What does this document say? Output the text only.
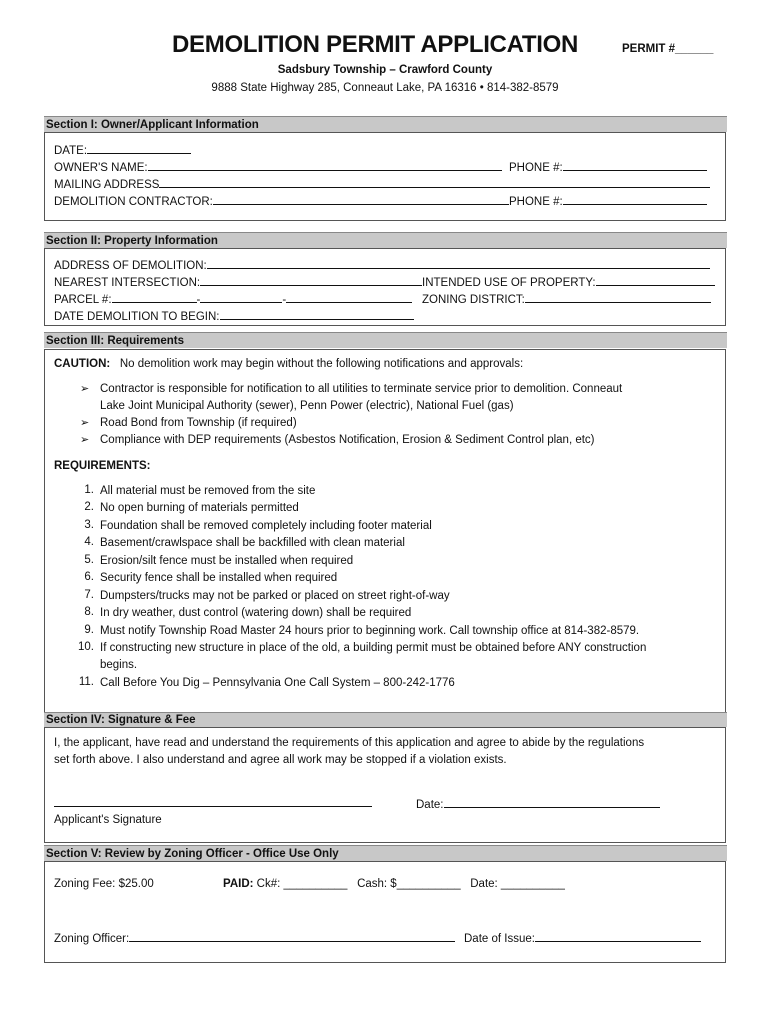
DEMOLITION PERMIT APPLICATION	PERMIT #______
Sadsbury Township – Crawford County
9888 State Highway 285, Conneaut Lake, PA 16316 • 814-382-8579
Section I: Owner/Applicant Information
DATE:
OWNER'S NAME:	PHONE #:
MAILING ADDRESS
DEMOLITION CONTRACTOR:	PHONE #:
Section II: Property Information
ADDRESS OF DEMOLITION:
NEAREST INTERSECTION:	INTENDED USE OF PROPERTY:
PARCEL #:	-	-	ZONING DISTRICT:
DATE DEMOLITION TO BEGIN:
Section III: Requirements
CAUTION: No demolition work may begin without the following notifications and approvals:
➢ Contractor is responsible for notification to all utilities to terminate service prior to demolition. Conneaut
Lake Joint Municipal Authority (sewer), Penn Power (electric), National Fuel (gas)
➢ Road Bond from Township (if required)
➢ Compliance with DEP requirements (Asbestos Notification, Erosion & Sediment Control plan, etc)
REQUIREMENTS:
1. All material must be removed from the site
2. No open burning of materials permitted
3. Foundation shall be removed completely including footer material
4. Basement/crawlspace shall be backfilled with clean material
5. Erosion/silt fence must be installed when required
6. Security fence shall be installed when required
7. Dumpsters/trucks may not be parked or placed on street right-of-way
8. In dry weather, dust control (watering down) shall be required
9. Must notify Township Road Master 24 hours prior to beginning work. Call township office at 814-382-8579.
10. If constructing new structure in place of the old, a building permit must be obtained before ANY construction
begins.
11. Call Before You Dig – Pennsylvania One Call System – 800-242-1776
Section IV: Signature & Fee
I, the applicant, have read and understand the requirements of this application and agree to abide by the regulations
set forth above. I also understand and agree all work may be stopped if a violation exists.
Date:
Applicant's Signature
Section V: Review by Zoning Officer - Office Use Only
Zoning Fee: $25.00	PAID: Ck#: __________ Cash: $__________ Date: __________
Zoning Officer:	Date of Issue:
